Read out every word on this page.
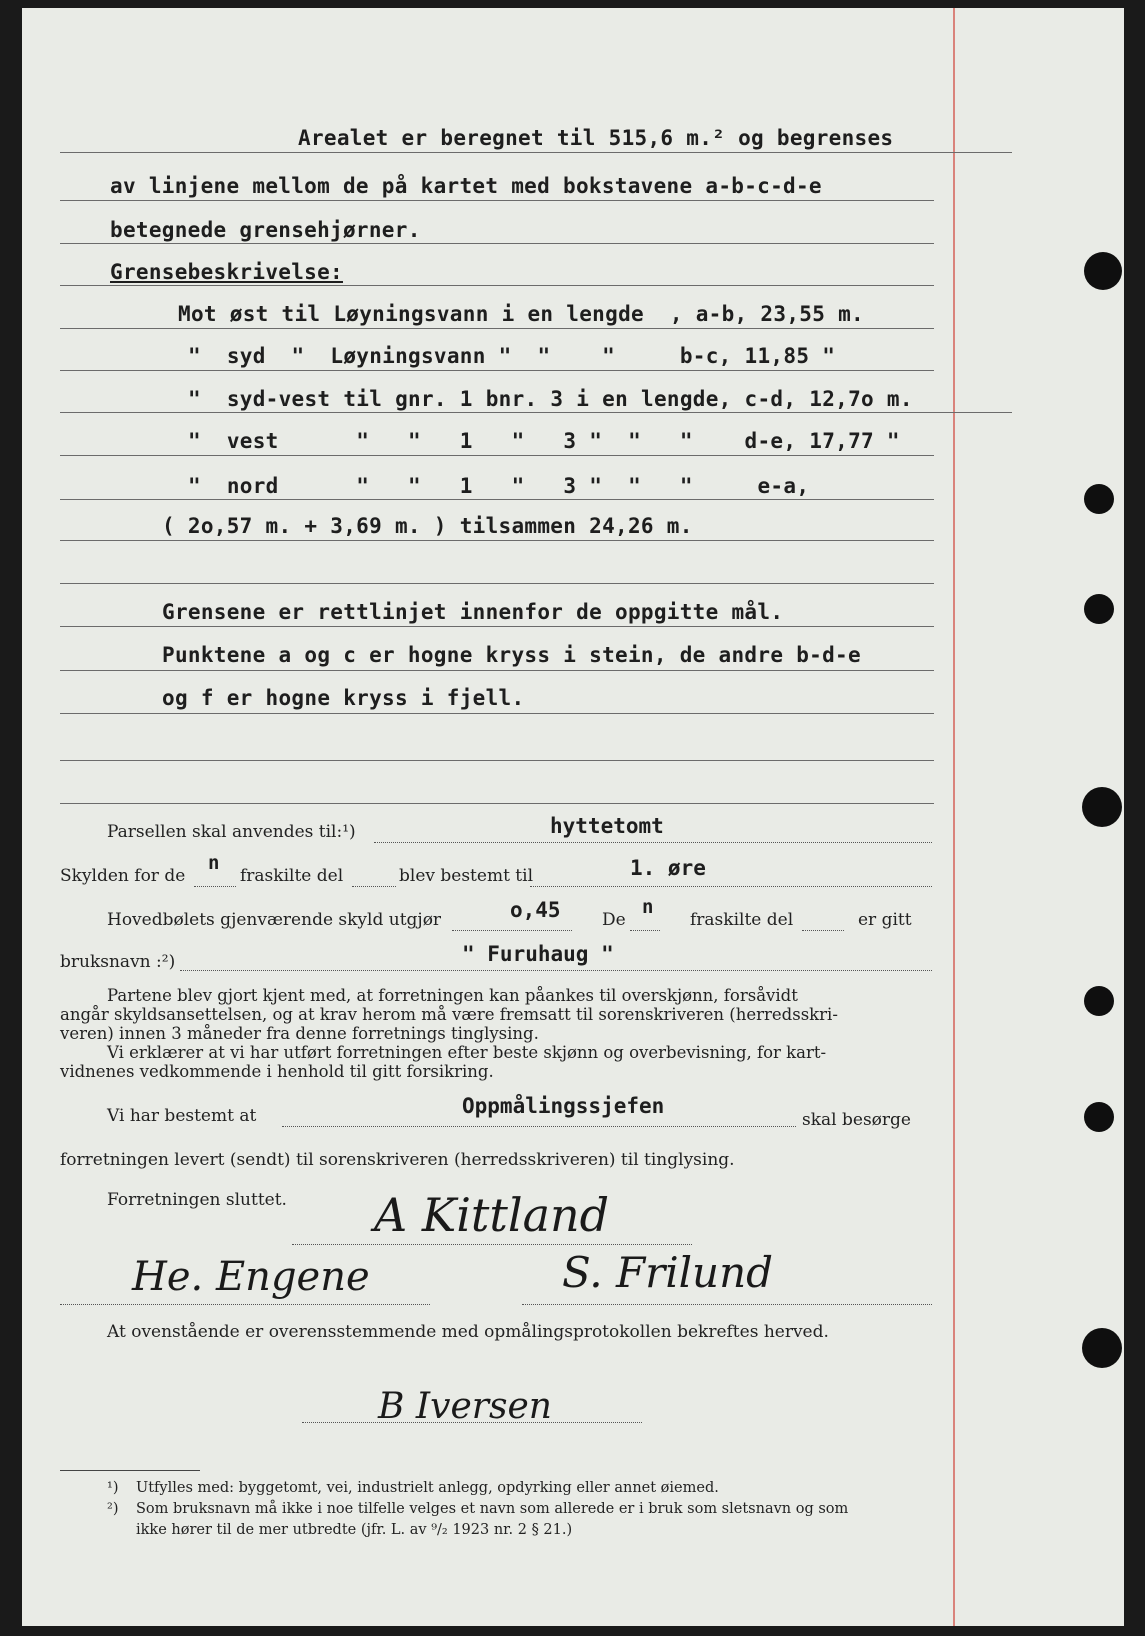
Arealet er beregnet til 515,6 m.² og begrenses
av linjene mellom de på kartet med bokstavene a-b-c-d-e
betegnede grensehjørner.
Grensebeskrivelse:
Mot øst til Løyningsvann i en lengde  , a-b, 23,55 m.
"  syd  "  Løyningsvann "  "    "     b-c, 11,85 "
"  syd-vest til gnr. 1 bnr. 3 i en lengde, c-d, 12,7o m.
"  vest      "   "   1   "   3 "  "   "    d-e, 17,77 "
"  nord      "   "   1   "   3 "  "   "     e-a,
( 2o,57 m. + 3,69 m. ) tilsammen 24,26 m.
Grensene er rettlinjet innenfor de oppgitte mål.
Punktene a og c er hogne kryss i stein, de andre b-d-e
og f er hogne kryss i fjell.
Parsellen skal anvendes til:¹)	hyttetomt
Skylden for de
n
fraskilte del	blev bestemt til	1. øre
Hovedbølets gjenværende skyld utgjør	o,45 De
n
fraskilte del	er gitt
bruksnavn :²)	" Furuhaug "
Partene blev gjort kjent med, at forretningen kan påankes til overskjønn, forsåvidt
angår skyldsansettelsen, og at krav herom må være fremsatt til sorenskriveren (herredsskri-
veren) innen 3 måneder fra denne forretnings tinglysing.
Vi erklærer at vi har utført forretningen efter beste skjønn og overbevisning, for kart-
vidnenes vedkommende i henhold til gitt forsikring.
Vi har bestemt at	Oppmålingssjefen
skal besørge
forretningen levert (sendt) til sorenskriveren (herredsskriveren) til tinglysing.
Forretningen sluttet. A Kittland
He. Engene	S. Frilund
B Iversen
At ovenstående er overensstemmende med opmålingsprotokollen bekreftes herved.
¹) Utfylles med: byggetomt, vei, industrielt anlegg, opdyrking eller annet øiemed.
²) Som bruksnavn må ikke i noe tilfelle velges et navn som allerede er i bruk som sletsnavn og som
ikke hører til de mer utbredte (jfr. L. av ⁹/₂ 1923 nr. 2 § 21.)
